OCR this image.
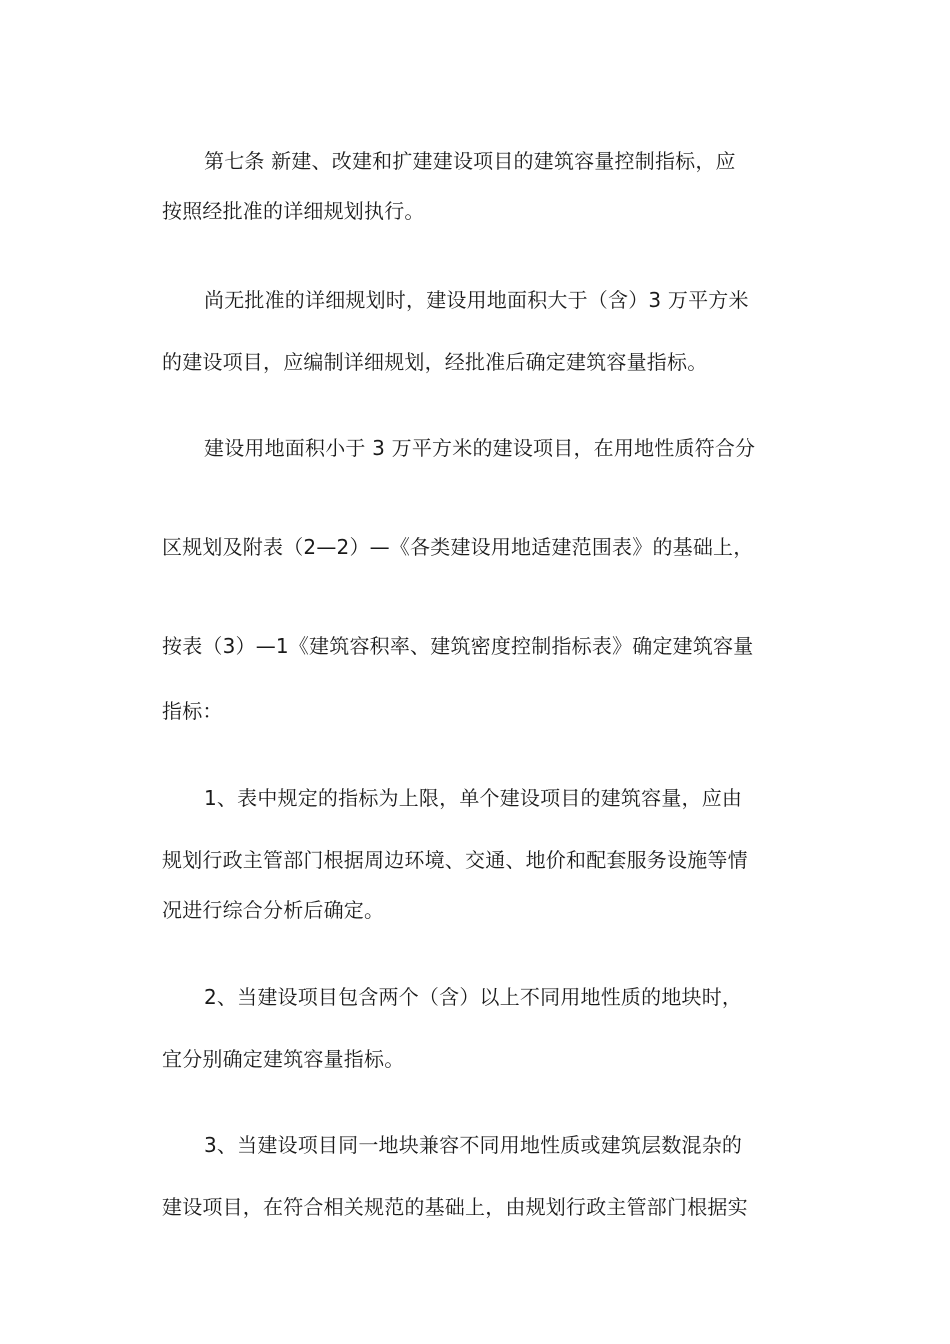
第七条 新建、改建和扩建建设项目的建筑容量控制指标，应
按照经批准的详细规划执行。
尚无批准的详细规划时，建设用地面积大于（含）3 万平方米
的建设项目，应编制详细规划，经批准后确定建筑容量指标。
建设用地面积小于 3 万平方米的建设项目，在用地性质符合分
区规划及附表（2—2）—《各类建设用地适建范围表》的基础上，
按表（3）—1《建筑容积率、建筑密度控制指标表》确定建筑容量
指标：
1、表中规定的指标为上限，单个建设项目的建筑容量，应由
规划行政主管部门根据周边环境、交通、地价和配套服务设施等情
况进行综合分析后确定。
2、当建设项目包含两个（含）以上不同用地性质的地块时，
宜分别确定建筑容量指标。
3、当建设项目同一地块兼容不同用地性质或建筑层数混杂的
建设项目，在符合相关规范的基础上，由规划行政主管部门根据实
